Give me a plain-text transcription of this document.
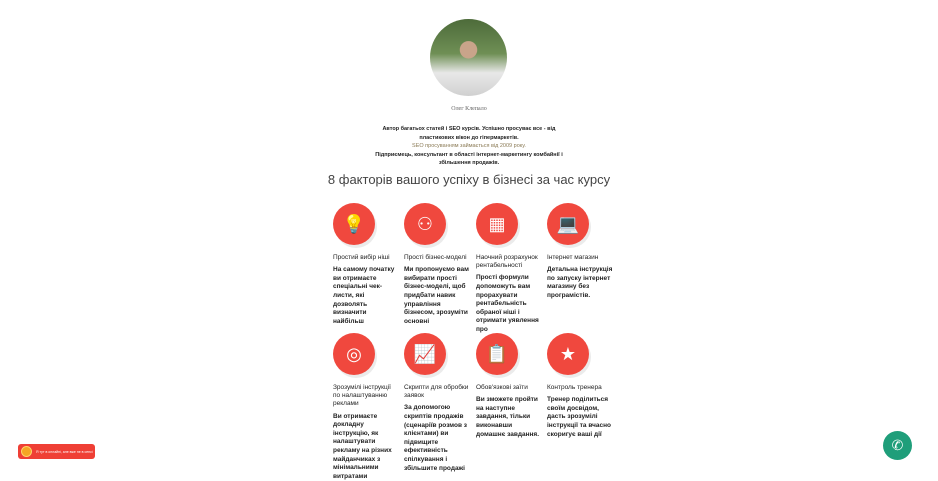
Олег Клепало
Автор багатьох статей і SEO курсів. Успішно просуває все - від
пластикових вікон до гіпермаркетів.
SEO просуванням займається від 2009 року.
Підприємець, консультант в області інтернет-маркетингу комбайнії і
збільшення продажів.
8 факторів вашого успіху в бізнесі за час курсу
💡
Простий вибір ніші
На самому початку ви отримаєте спеціальні чек-листи, які дозволять визначити найбільш
⚇
Прості бізнес-моделі
Ми пропонуємо вам вибирати прості бізнес-моделі, щоб придбати навик управління бізнесом, зрозуміти основні
▦
Наочний розрахунок рентабельності
Прості формули допоможуть вам прорахувати рентабельність обраної ніші і отримати уявлення про
💻
Інтернет магазин
Детальна інструкція по запуску інтернет магазину без програмістів.
◎
Зрозумілі інструкції по налаштуванню реклами
Ви отримаєте докладну інструкцію, як налаштувати рекламу на різних майданчиках з мінімальними витратами
📈
Скрипти для обробки заявок
За допомогою скриптів продажів (сценаріїв розмов з клієнтами) ви підвищите ефективність спілкування і збільшите продажі
📋
Обов'язкові заїти
Ви зможете пройти на наступне завдання, тільки виконавши домашнє завдання.
★
Контроль тренера
Тренер поділиться своїм досвідом, дасть зрозумілі інструкції та вчасно скоригує ваші дії
Я тут в онлайні, але вже не в сенсі	✆
